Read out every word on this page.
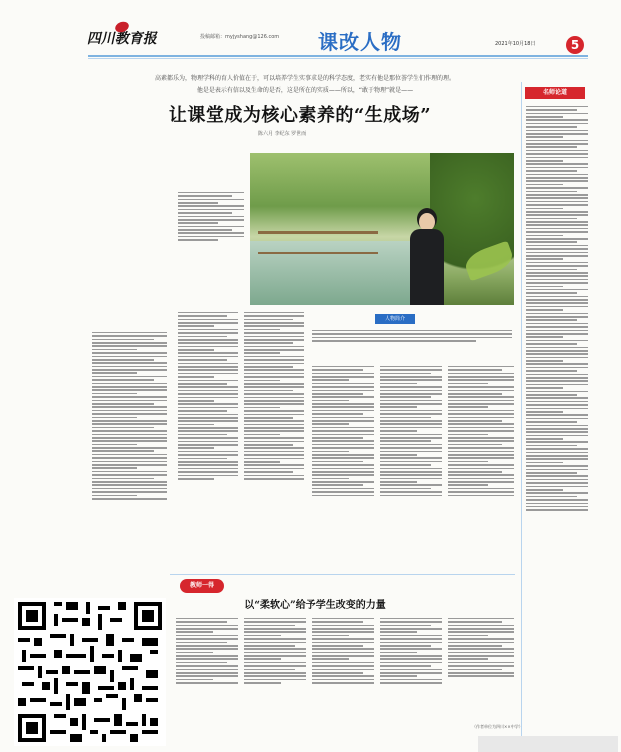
四川教育报	投稿邮箱：myjyshang@126.com 课改人物	2021年10月18日	5
高素都乐为，物理学科的育人价值在于，可以培养学生实事求是的科学态度，老实有他是那位荟学生们作理的理。
他是是表示有信以及生命的是否，这是所在的实质——所以，“敢于物理”就是——
让课堂成为核心素养的“生成场”
陈六月 李纪东 罗世而
人物简介
名师论道
教师一得
以“柔软心”给予学生改变的力量
（作者单位为四川××中学）
